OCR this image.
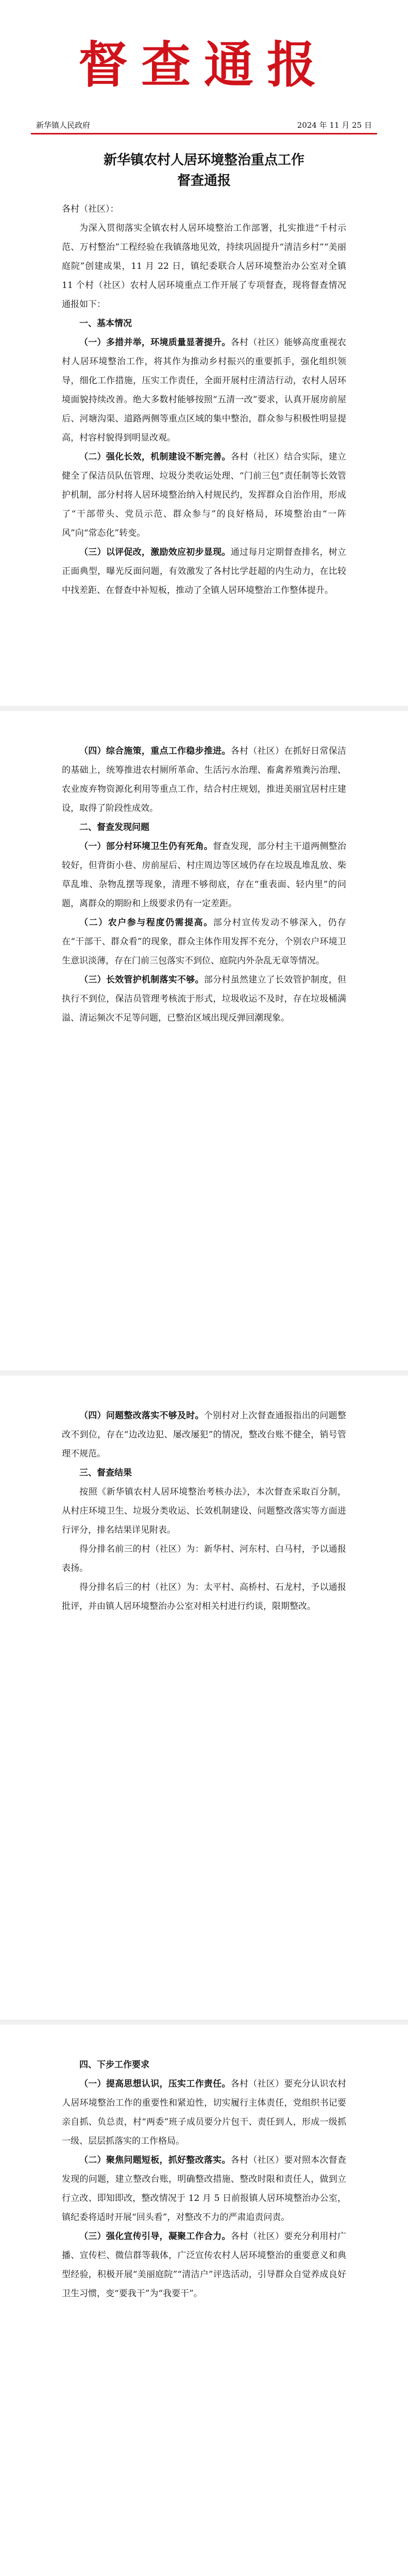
督查通报
新华镇人民政府	2024 年 11 月 25 日
新华镇农村人居环境整治重点工作
督查通报

各村（社区）：

为深入贯彻落实全镇农村人居环境整治工作部署，扎实推进“千村示范、万村整治”工程经验在我镇落地见效，持续巩固提升“清洁乡村”“美丽庭院”创建成果，11 月 22 日，镇纪委联合人居环境整治办公室对全镇 11 个村（社区）农村人居环境重点工作开展了专项督查，现将督查情况通报如下：

一、基本情况

（一）多措并举，环境质量显著提升。各村（社区）能够高度重视农村人居环境整治工作，将其作为推动乡村振兴的重要抓手，强化组织领导，细化工作措施，压实工作责任，全面开展村庄清洁行动，农村人居环境面貌持续改善。绝大多数村能够按照“五清一改”要求，认真开展房前屋后、河塘沟渠、道路两侧等重点区域的集中整治，群众参与积极性明显提高，村容村貌得到明显改观。

（二）强化长效，机制建设不断完善。各村（社区）结合实际，建立健全了保洁员队伍管理、垃圾分类收运处理、“门前三包”责任制等长效管护机制，部分村将人居环境整治纳入村规民约，发挥群众自治作用，形成了“干部带头、党员示范、群众参与”的良好格局，环境整治由“一阵风”向“常态化”转变。

（三）以评促改，激励效应初步显现。通过每月定期督查排名，树立正面典型，曝光反面问题，有效激发了各村比学赶超的内生动力，在比较中找差距、在督查中补短板，推动了全镇人居环境整治工作整体提升。

（四）综合施策，重点工作稳步推进。各村（社区）在抓好日常保洁的基础上，统筹推进农村厕所革命、生活污水治理、畜禽养殖粪污治理、农业废弃物资源化利用等重点工作，结合村庄规划，推进美丽宜居村庄建设，取得了阶段性成效。

二、督查发现问题

（一）部分村环境卫生仍有死角。督查发现，部分村主干道两侧整治较好，但背街小巷、房前屋后、村庄周边等区域仍存在垃圾乱堆乱放、柴草乱堆、杂物乱摆等现象，清理不够彻底，存在“重表面、轻内里”的问题，离群众的期盼和上级要求仍有一定差距。

（二）农户参与程度仍需提高。部分村宣传发动不够深入，仍存在“干部干、群众看”的现象，群众主体作用发挥不充分，个别农户环境卫生意识淡薄，存在门前三包落实不到位、庭院内外杂乱无章等情况。

（三）长效管护机制落实不够。部分村虽然建立了长效管护制度，但执行不到位，保洁员管理考核流于形式，垃圾收运不及时，存在垃圾桶满溢、清运频次不足等问题，已整治区域出现反弹回潮现象。

（四）问题整改落实不够及时。个别村对上次督查通报指出的问题整改不到位，存在“边改边犯、屡改屡犯”的情况，整改台账不健全，销号管理不规范。

三、督查结果

按照《新华镇农村人居环境整治考核办法》，本次督查采取百分制，从村庄环境卫生、垃圾分类收运、长效机制建设、问题整改落实等方面进行评分，排名结果详见附表。

得分排名前三的村（社区）为：新华村、河东村、白马村，予以通报表扬。

得分排名后三的村（社区）为：太平村、高桥村、石龙村，予以通报批评，并由镇人居环境整治办公室对相关村进行约谈，限期整改。

四、下步工作要求

（一）提高思想认识，压实工作责任。各村（社区）要充分认识农村人居环境整治工作的重要性和紧迫性，切实履行主体责任，党组织书记要亲自抓、负总责，村“两委”班子成员要分片包干、责任到人，形成一级抓一级、层层抓落实的工作格局。

（二）聚焦问题短板，抓好整改落实。各村（社区）要对照本次督查发现的问题，建立整改台账，明确整改措施、整改时限和责任人，做到立行立改、即知即改，整改情况于 12 月 5 日前报镇人居环境整治办公室，镇纪委将适时开展“回头看”，对整改不力的严肃追责问责。

（三）强化宣传引导，凝聚工作合力。各村（社区）要充分利用村广播、宣传栏、微信群等载体，广泛宣传农村人居环境整治的重要意义和典型经验，积极开展“美丽庭院”“清洁户”评选活动，引导群众自觉养成良好卫生习惯，变“要我干”为“我要干”。
